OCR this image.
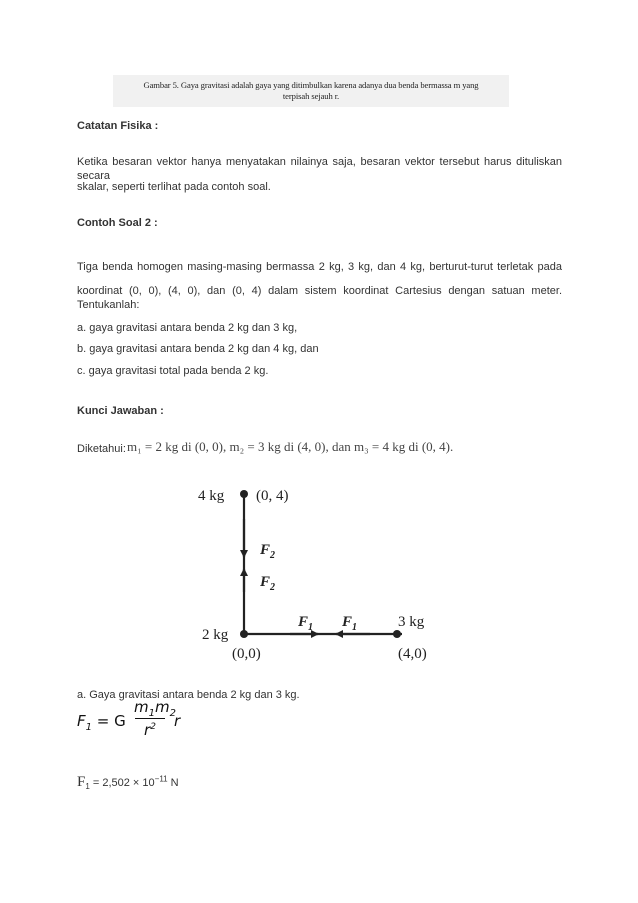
Gambar 5. Gaya gravitasi adalah gaya yang ditimbulkan karena adanya dua benda bermassa m yang
terpisah sejauh r.
Catatan Fisika :
Ketika besaran vektor hanya menyatakan nilainya saja, besaran vektor tersebut harus dituliskan secara
skalar, seperti terlihat pada contoh soal.
Contoh Soal 2 :
Tiga benda homogen masing-masing bermassa 2 kg, 3 kg, dan 4 kg, berturut-turut terletak pada
koordinat (0, 0), (4, 0), dan (0, 4) dalam sistem koordinat Cartesius dengan satuan meter. Tentukanlah:
a. gaya gravitasi antara benda 2 kg dan 3 kg,
b. gaya gravitasi antara benda 2 kg dan 4 kg, dan
c. gaya gravitasi total pada benda 2 kg.
Kunci Jawaban :
Diketahui: m₁ = 2 kg di (0, 0), m₂ = 3 kg di (4, 0), dan m₃ = 4 kg di (0, 4).
4 kg (0, 4)
2 kg
(0,0)
3 kg
(4,0)
$F_2$
$F_2$
$F_1$ $F_1$
a. Gaya gravitasi antara benda 2 kg dan 3 kg.
$F_1 = G$
$m_1m_2$
$r^2$	r
$F_1 = 2,502 \times 10^{-11}$ N
